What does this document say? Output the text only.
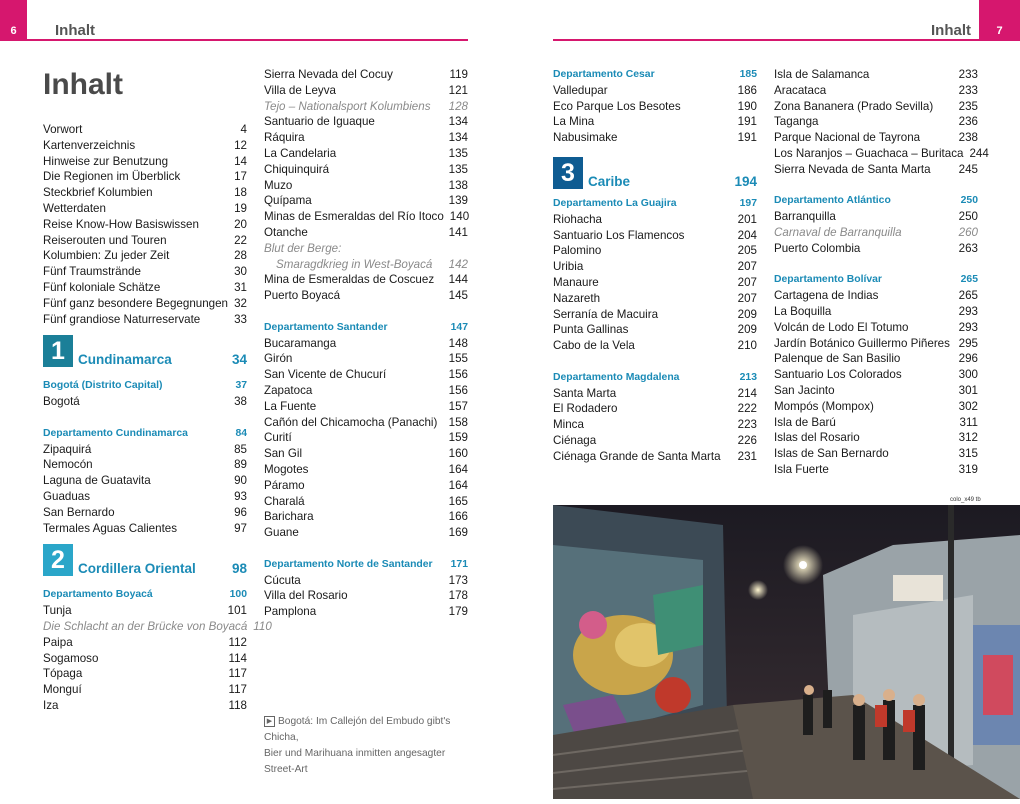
6	Inhalt	7
Inhalt
Inhalt
Vorwort	4
Kartenverzeichnis	12
Hinweise zur Benutzung	14
Die Regionen im Überblick	17
Steckbrief Kolumbien	18
Wetterdaten	19
Reise Know-How Basiswissen	20
Reiserouten und Touren	22
Kolumbien: Zu jeder Zeit	28
Fünf Traumstrände	30
Fünf koloniale Schätze	31
Fünf ganz besondere Begegnungen 32
Fünf grandiose Naturreservate	33
1 Cundinamarca	34
Bogotá (Distrito Capital)	37
Bogotá	38
Departamento Cundinamarca	84
Zipaquirá	85
Nemocón	89
Laguna de Guatavita	90
Guaduas	93
San Bernardo	96
Termales Aguas Calientes	97
2 Cordillera Oriental	98
Departamento Boyacá	100
Tunja	101
Die Schlacht an der Brücke von Boyacá 110
Paipa	112
Sogamoso	114
Tópaga	117
Monguí	117
Iza	118
Sierra Nevada del Cocuy	119
Villa de Leyva	121
Tejo – Nationalsport Kolumbiens	128
Santuario de Iguaque	134
Ráquira	134
La Candelaria	135
Chiquinquirá	135
Muzo	138
Quípama	139
Minas de Esmeraldas del Río Itoco 140
Otanche	141
Blut der Berge:
Smaragdkrieg in West-Boyacá	142
Mina de Esmeraldas de Coscuez	144
Puerto Boyacá	145
Departamento Santander	147
Bucaramanga	148
Girón	155
San Vicente de Chucurí	156
Zapatoca	156
La Fuente	157
Cañón del Chicamocha (Panachi) 158
Curití	159
San Gil	160
Mogotes	164
Páramo	164
Charalá	165
Barichara	166
Guane	169
Departamento Norte de Santander	171
Cúcuta	173
Villa del Rosario	178
Pamplona	179
Departamento Cesar	185
Valledupar	186
Eco Parque Los Besotes	190
La Mina	191
Nabusimake	191
3 Caribe	194
Departamento La Guajira	197
Riohacha	201
Santuario Los Flamencos	204
Palomino	205
Uribia	207
Manaure	207
Nazareth	207
Serranía de Macuira	209
Punta Gallinas	209
Cabo de la Vela	210
Departamento Magdalena	213
Santa Marta	214
El Rodadero	222
Minca	223
Ciénaga	226
Ciénaga Grande de Santa Marta	231
Isla de Salamanca	233
Aracataca	233
Zona Bananera (Prado Sevilla)	235
Taganga	236
Parque Nacional de Tayrona	238
Los Naranjos – Guachaca – Buritaca 244
Sierra Nevada de Santa Marta	245
Departamento Atlántico	250
Barranquilla	250
Carnaval de Barranquilla	260
Puerto Colombia	263
Departamento Bolívar	265
Cartagena de Indias	265
La Boquilla	293
Volcán de Lodo El Totumo	293
Jardín Botánico Guillermo Piñeres 295
Palenque de San Basilio	296
Santuario Los Colorados	300
San Jacinto	301
Mompós (Mompox)	302
Isla de Barú	311
Islas del Rosario	312
Islas de San Bernardo	315
Isla Fuerte	319
▶ Bogotá: Im Callejón del Embudo gibt's Chicha,
Bier und Marihuana inmitten angesagter Street-Art
colo_x49 tb
